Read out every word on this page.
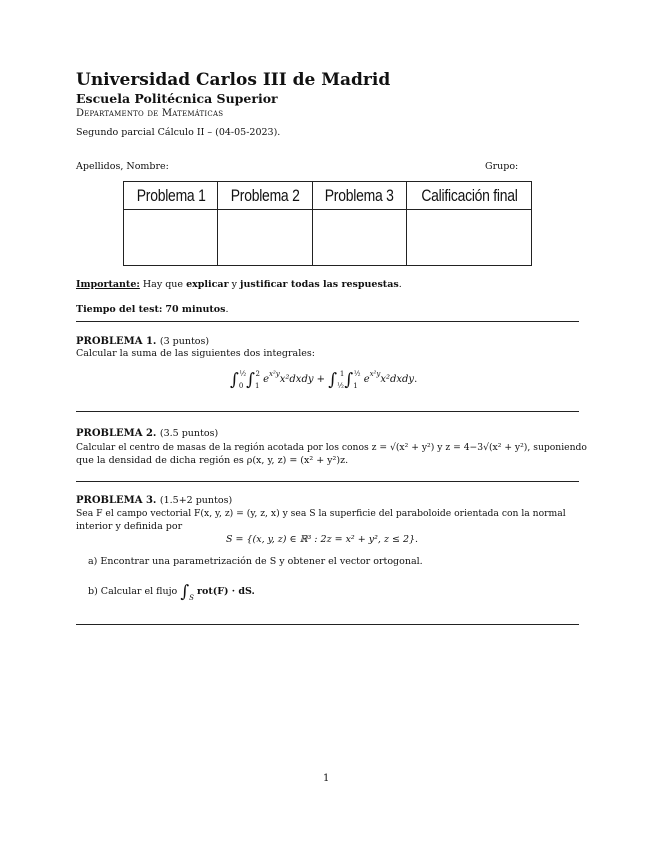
Universidad Carlos III de Madrid
Escuela Politécnica Superior
Departamento de Matemáticas
Segundo parcial Cálculo II – (04-05-2023).
Apellidos, Nombre:	Grupo:
Problema 1	Problema 2	Problema 3	Calificación final

Importante: Hay que explicar y justificar todas las respuestas.
Tiempo del test: 70 minutos.
PROBLEMA 1. (3 puntos)
Calcular la suma de las siguientes dos integrales:
$\int_0^{\frac{1}{2}}\int_1^2$ $e^{x^2y}x^2dxdy + \int_{\frac{1}{2}}^1\int_1^{\frac{1}{2}}$ $e^{x^2y}x^2dxdy$.
PROBLEMA 2. (3.5 puntos)
Calcular el centro de masas de la región acotada por los conos z = √(x² + y²) y z = 4−3√(x² + y²), suponiendo
que la densidad de dicha región es ρ(x, y, z) = (x² + y²)z.
PROBLEMA 3. (1.5+2 puntos)
Sea F el campo vectorial F(x, y, z) = (y, z, x) y sea S la superficie del paraboloide orientada con la normal
interior y definida por
S = {(x, y, z) ∈ ℝ³ : 2z = x² + y², z ≤ 2}.
a) Encontrar una parametrización de S y obtener el vector ortogonal.
b) Calcular el flujo $\int_S$ rot(F) · dS.
1
